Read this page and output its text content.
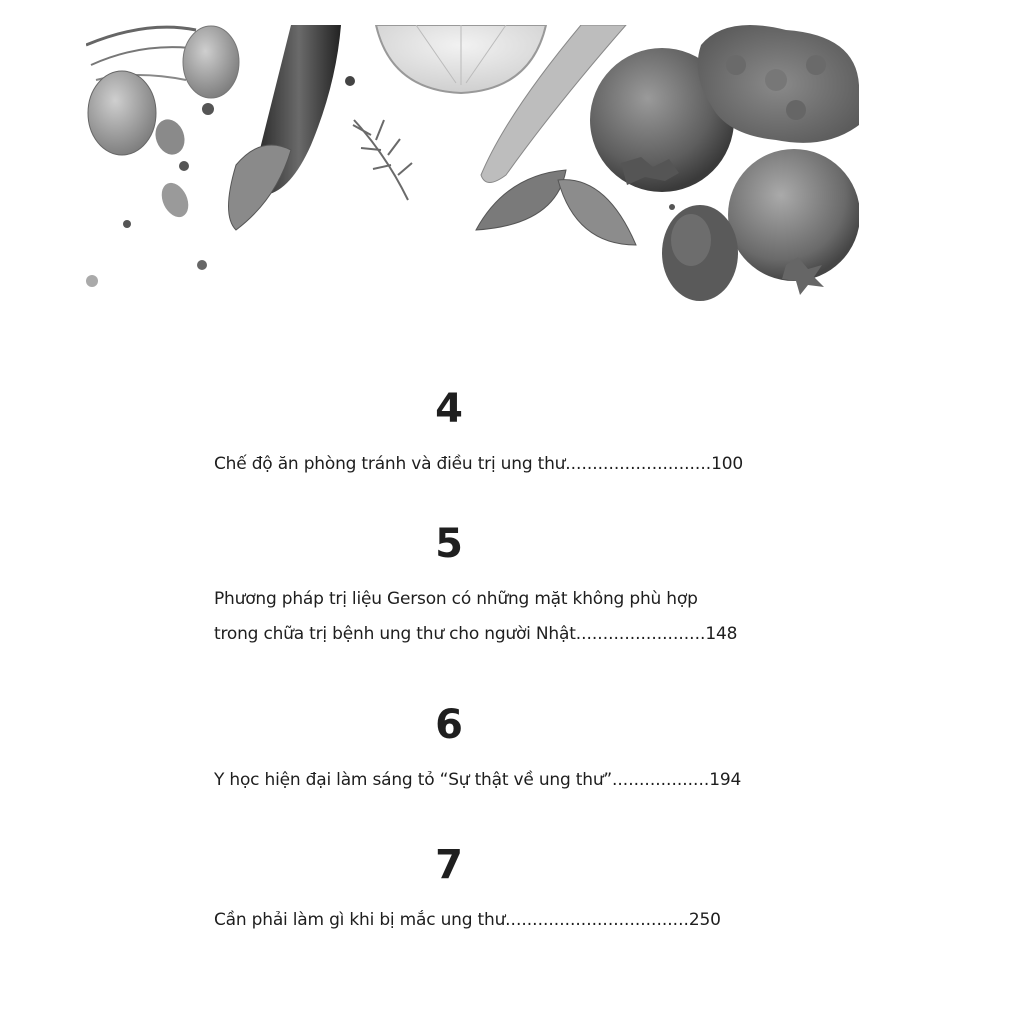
4
Chế độ ăn phòng tránh và điều trị ung thư...........................100
5
Phương pháp trị liệu Gerson có những mặt không phù hợp
trong chữa trị bệnh ung thư cho người Nhật........................148
6
Y học hiện đại làm sáng tỏ “Sự thật về ung thư”..................194
7
Cần phải làm gì khi bị mắc ung thư..................................250
